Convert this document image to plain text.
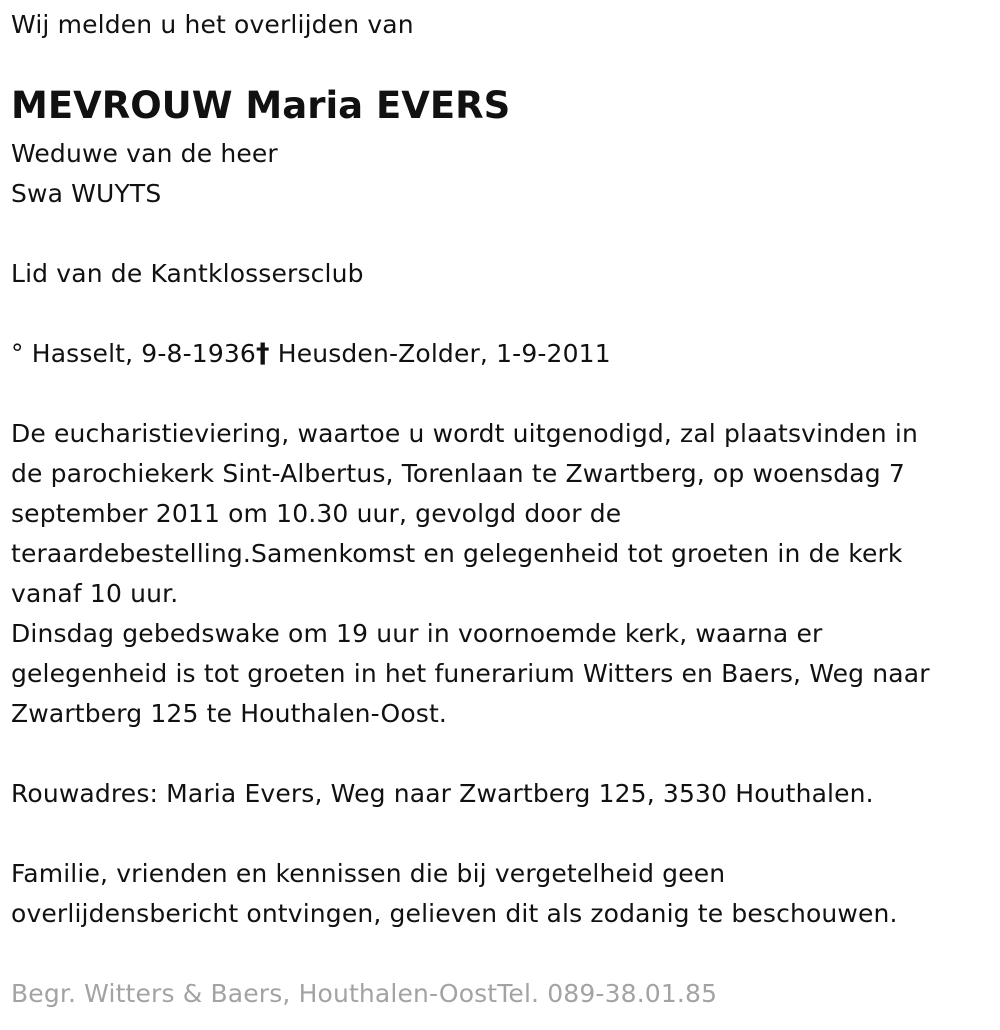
Wij melden u het overlijden van
MEVROUW Maria EVERS
Weduwe van de heer
Swa WUYTS
Lid van de Kantklossersclub
° Hasselt, 9-8-1936† Heusden-Zolder, 1-9-2011
De eucharistieviering, waartoe u wordt uitgenodigd, zal plaatsvinden in
de parochiekerk Sint-Albertus, Torenlaan te Zwartberg, op woensdag 7
september 2011 om 10.30 uur, gevolgd door de
teraardebestelling.Samenkomst en gelegenheid tot groeten in de kerk
vanaf 10 uur.
Dinsdag gebedswake om 19 uur in voornoemde kerk, waarna er
gelegenheid is tot groeten in het funerarium Witters en Baers, Weg naar
Zwartberg 125 te Houthalen-Oost.
Rouwadres: Maria Evers, Weg naar Zwartberg 125, 3530 Houthalen.
Familie, vrienden en kennissen die bij vergetelheid geen
overlijdensbericht ontvingen, gelieven dit als zodanig te beschouwen.
Begr. Witters & Baers, Houthalen-OostTel. 089-38.01.85
